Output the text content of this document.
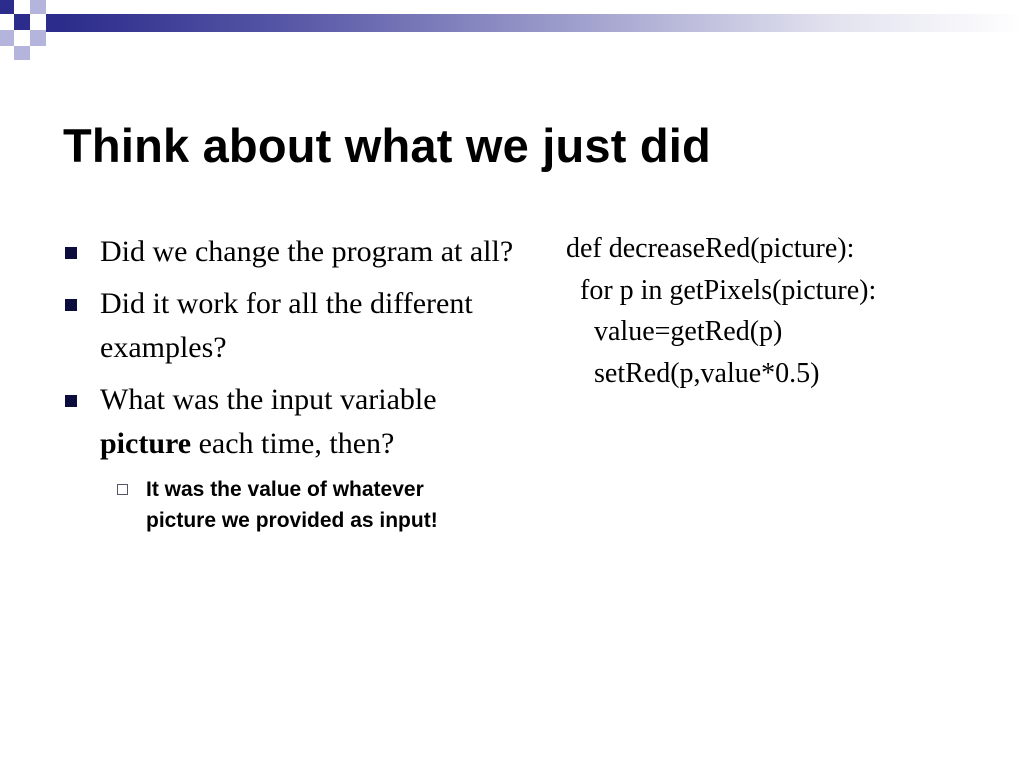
Think about what we just did
Did we change the program at all?
Did it work for all the different examples?
What was the input variable picture each time, then?
It was the value of whatever picture we provided as input!
def decreaseRed(picture):
for p in getPixels(picture):
value=getRed(p)
setRed(p,value*0.5)
